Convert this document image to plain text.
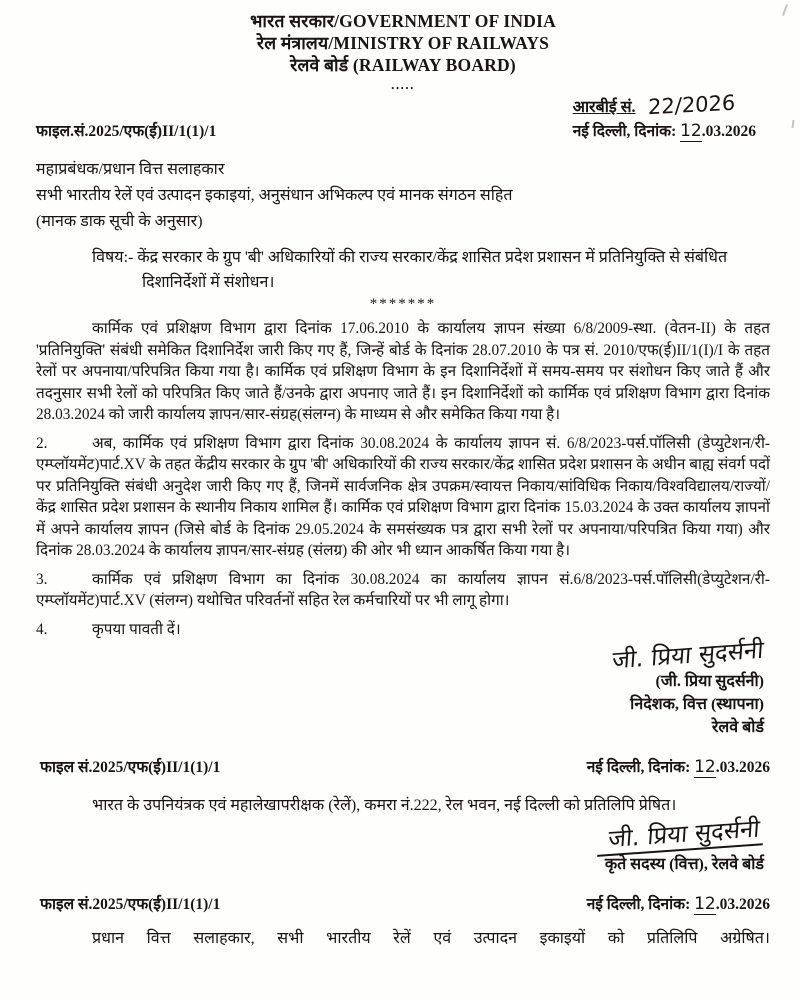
भारत सरकार/GOVERNMENT OF INDIA
रेल मंत्रालय/MINISTRY OF RAILWAYS
रेलवे बोर्ड (RAILWAY BOARD)
.....
फाइल.सं.2025/एफ(ई)II/1(1)/1
आरबीई सं. 22/2026
नई दिल्ली, दिनांक: 12.03.2026
महाप्रबंधक/प्रधान वित्त सलाहकार
सभी भारतीय रेलें एवं उत्पादन इकाइयां, अनुसंधान अभिकल्प एवं मानक संगठन सहित
(मानक डाक सूची के अनुसार)
विषय:- केंद्र सरकार के ग्रुप 'बी' अधिकारियों की राज्य सरकार/केंद्र शासित प्रदेश प्रशासन में प्रतिनियुक्ति से संबंधित दिशानिर्देशों में संशोधन।
*******
कार्मिक एवं प्रशिक्षण विभाग द्वारा दिनांक 17.06.2010 के कार्यालय ज्ञापन संख्या 6/8/2009-स्था. (वेतन-II) के तहत 'प्रतिनियुक्ति' संबंधी समेकित दिशानिर्देश जारी किए गए हैं, जिन्हें बोर्ड के दिनांक 28.07.2010 के पत्र सं. 2010/एफ(ई)II/1(I)/I के तहत रेलों पर अपनाया/परिपत्रित किया गया है। कार्मिक एवं प्रशिक्षण विभाग के इन दिशानिर्देशों में समय-समय पर संशोधन किए जाते हैं और तदनुसार सभी रेलों को परिपत्रित किए जाते हैं/उनके द्वारा अपनाए जाते हैं। इन दिशानिर्देशों को कार्मिक एवं प्रशिक्षण विभाग द्वारा दिनांक 28.03.2024 को जारी कार्यालय ज्ञापन/सार-संग्रह(संलग्न) के माध्यम से और समेकित किया गया है।
2.	अब, कार्मिक एवं प्रशिक्षण विभाग द्वारा दिनांक 30.08.2024 के कार्यालय ज्ञापन सं. 6/8/2023-पर्स.पॉलिसी (डेप्युटेशन/री-एम्प्लॉयमेंट)पार्ट.XV के तहत केंद्रीय सरकार के ग्रुप 'बी' अधिकारियों की राज्य सरकार/केंद्र शासित प्रदेश प्रशासन के अधीन बाह्य संवर्ग पदों पर प्रतिनियुक्ति संबंधी अनुदेश जारी किए गए हैं, जिनमें सार्वजनिक क्षेत्र उपक्रम/स्वायत्त निकाय/सांविधिक निकाय/विश्वविद्यालय/राज्यों/केंद्र शासित प्रदेश प्रशासन के स्थानीय निकाय शामिल हैं। कार्मिक एवं प्रशिक्षण विभाग द्वारा दिनांक 15.03.2024 के उक्त कार्यालय ज्ञापनों में अपने कार्यालय ज्ञापन (जिसे बोर्ड के दिनांक 29.05.2024 के समसंख्यक पत्र द्वारा सभी रेलों पर अपनाया/परिपत्रित किया गया) और दिनांक 28.03.2024 के कार्यालय ज्ञापन/सार-संग्रह (संलग्र) की ओर भी ध्यान आकर्षित किया गया है।
3.	कार्मिक एवं प्रशिक्षण विभाग का दिनांक 30.08.2024 का कार्यालय ज्ञापन सं.6/8/2023-पर्स.पॉलिसी(डेप्युटेशन/री-एम्प्लॉयमेंट)पार्ट.XV (संलग्न) यथोचित परिवर्तनों सहित रेल कर्मचारियों पर भी लागू होगा।
4.	कृपया पावती दें।
जी. प्रिया सुदर्सनी
(जी. प्रिया सुदर्सनी)
निदेशक, वित्त (स्थापना)
रेलवे बोर्ड
फाइल सं.2025/एफ(ई)II/1(1)/1	नई दिल्ली, दिनांक: 12.03.2026
भारत के उपनियंत्रक एवं महालेखापरीक्षक (रेलें), कमरा नं.222, रेल भवन, नई दिल्ली को प्रतिलिपि प्रेषित।
जी. प्रिया सुदर्सनी
कृते सदस्य (वित्त), रेलवे बोर्ड
फाइल सं.2025/एफ(ई)II/1(1)/1	नई दिल्ली, दिनांक: 12.03.2026
प्रधान वित्त सलाहकार, सभी भारतीय रेलें एवं उत्पादन इकाइयों को प्रतिलिपि अग्रेषित।
